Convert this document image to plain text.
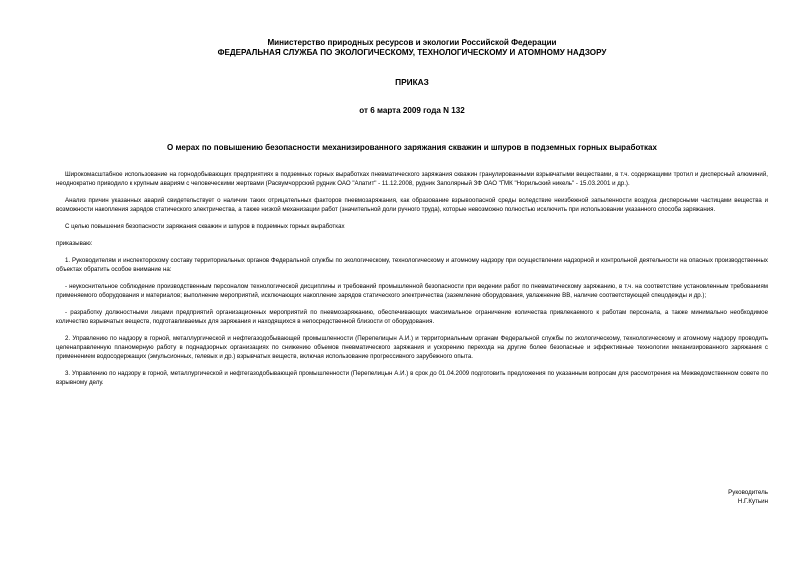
Министерство природных ресурсов и экологии Российской Федерации

ФЕДЕРАЛЬНАЯ СЛУЖБА ПО ЭКОЛОГИЧЕСКОМУ, ТЕХНОЛОГИЧЕСКОМУ И АТОМНОМУ НАДЗОРУ

ПРИКАЗ
от 6 марта 2009 года N 132
О мерах по повышению безопасности механизированного заряжания скважин и шпуров в подземных горных выработках

Широкомасштабное использование на горнодобывающих предприятиях в подземных горных выработках пневматического заряжания скважин гранулированными взрывчатыми веществами, в т.ч. содержащими тротил и дисперсный алюминий, неоднократно приводило к крупным авариям с человеческими жертвами (Расвумчоррский рудник ОАО "Апатит" - 11.12.2008, рудник Заполярный ЗФ ОАО "ГМК "Норильский никель" - 15.03.2001 и др.).

Анализ причин указанных аварий свидетельствует о наличии таких отрицательных факторов пневмозаряжания, как образование взрывоопасной среды вследствие неизбежной запыленности воздуха дисперсными частицами вещества и возможности накопления зарядов статического электричества, а также низкой механизации работ (значительной доли ручного труда), которые невозможно полностью исключить при использовании указанного способа заряжания.

С целью повышения безопасности заряжания скважин и шпуров в подземных горных выработках

приказываю:

1. Руководителям и инспекторскому составу территориальных органов Федеральной службы по экологическому, технологическому и атомному надзору при осуществлении надзорной и контрольной деятельности на опасных производственных объектах обратить особое внимание на:

- неукоснительное соблюдение производственным персоналом технологической дисциплины и требований промышленной безопасности при ведении работ по пневматическому заряжанию, в т.ч. на соответствие установленным требованиям применяемого оборудования и материалов; выполнение мероприятий, исключающих накопление зарядов статического электричества (заземление оборудования, увлажнение ВВ, наличие соответствующей спецодежды и др.);

- разработку должностными лицами предприятий организационных мероприятий по пневмозаряжанию, обеспечивающих максимальное ограничение количества привлекаемого к работам персонала, а также минимально необходимое количество взрывчатых веществ, подготавливаемых для заряжания и находящихся в непосредственной близости от оборудования.

2. Управлению по надзору в горной, металлургической и нефтегазодобывающей промышленности (Перепелицын А.И.) и территориальным органам Федеральной службы по экологическому, технологическому и атомному надзору проводить целенаправленную планомерную работу в поднадзорных организациях по снижению объемов пневматического заряжания и ускорению перехода на другие более безопасные и эффективные технологии механизированного заряжания с применением водосодержащих (эмульсионных, гелевых и др.) взрывчатых веществ, включая использование прогрессивного зарубежного опыта.

3. Управлению по надзору в горной, металлургической и нефтегазодобывающей промышленности (Перепелицын А.И.) в срок до 01.04.2009 подготовить предложения по указанным вопросам для рассмотрения на Межведомственном совете по взрывному делу.

Руководитель
Н.Г.Кутьин
